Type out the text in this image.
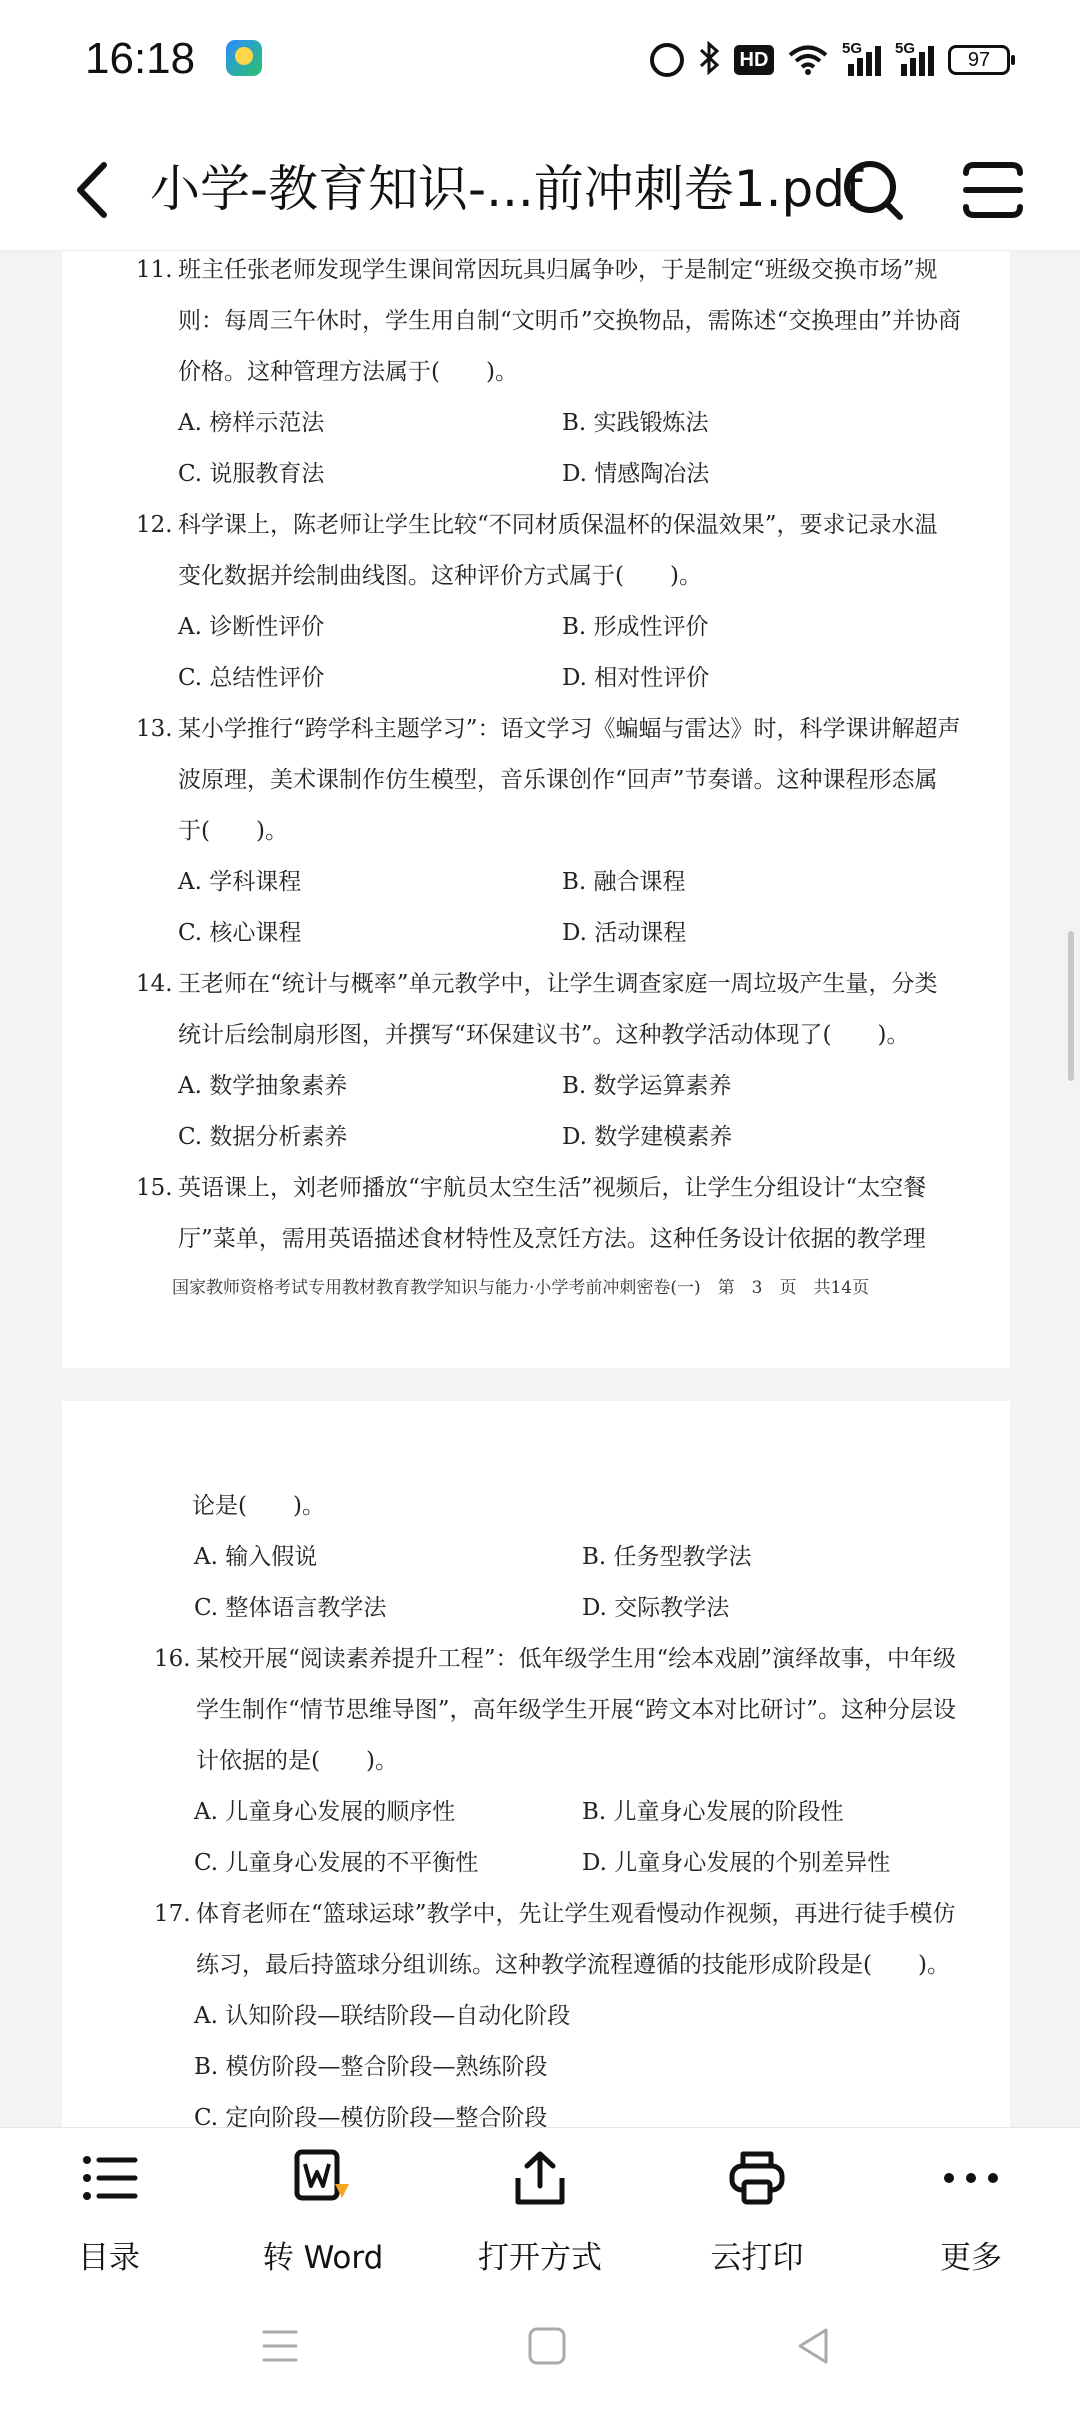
16:18	HD
5G 5G
97
小学-教育知识-...前冲刺卷1.pdf
11. 班主任张老师发现学生课间常因玩具归属争吵，于是制定“班级交换市场”规
则：每周三午休时，学生用自制“文明币”交换物品，需陈述“交换理由”并协商
价格。这种管理方法属于(　　)。
A. 榜样示范法	B. 实践锻炼法
C. 说服教育法	D. 情感陶冶法
12. 科学课上，陈老师让学生比较“不同材质保温杯的保温效果”，要求记录水温
变化数据并绘制曲线图。这种评价方式属于(　　)。
A. 诊断性评价	B. 形成性评价
C. 总结性评价	D. 相对性评价
13. 某小学推行“跨学科主题学习”：语文学习《蝙蝠与雷达》时，科学课讲解超声
波原理，美术课制作仿生模型，音乐课创作“回声”节奏谱。这种课程形态属
于(　　)。
A. 学科课程	B. 融合课程
C. 核心课程	D. 活动课程
14. 王老师在“统计与概率”单元教学中，让学生调查家庭一周垃圾产生量，分类
统计后绘制扇形图，并撰写“环保建议书”。这种教学活动体现了(　　)。
A. 数学抽象素养	B. 数学运算素养
C. 数据分析素养	D. 数学建模素养
15. 英语课上，刘老师播放“宇航员太空生活”视频后，让学生分组设计“太空餐
厅”菜单，需用英语描述食材特性及烹饪方法。这种任务设计依据的教学理
国家教师资格考试专用教材教育教学知识与能力·小学考前冲刺密卷(一)　第　3　页　共14页
论是(　　)。
A. 输入假说	B. 任务型教学法
C. 整体语言教学法	D. 交际教学法
16. 某校开展“阅读素养提升工程”：低年级学生用“绘本戏剧”演绎故事，中年级
学生制作“情节思维导图”，高年级学生开展“跨文本对比研讨”。这种分层设
计依据的是(　　)。
A. 儿童身心发展的顺序性	B. 儿童身心发展的阶段性
C. 儿童身心发展的不平衡性	D. 儿童身心发展的个别差异性
17. 体育老师在“篮球运球”教学中，先让学生观看慢动作视频，再进行徒手模仿
练习，最后持篮球分组训练。这种教学流程遵循的技能形成阶段是(　　)。
A. 认知阶段—联结阶段—自动化阶段
B. 模仿阶段—整合阶段—熟练阶段
C. 定向阶段—模仿阶段—整合阶段
目录	转 Word	打开方式	云打印	更多
